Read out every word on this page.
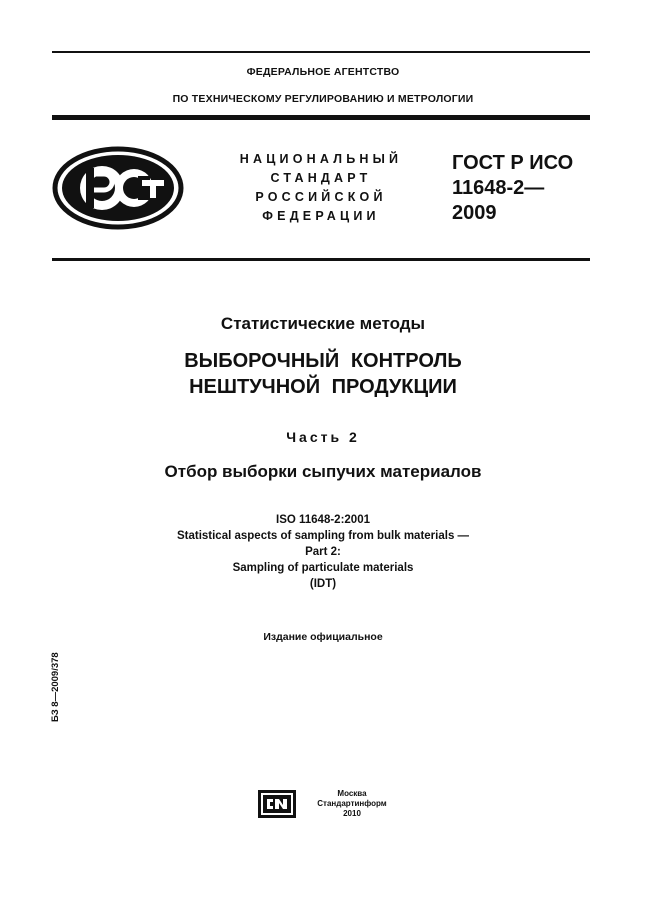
ФЕДЕРАЛЬНОЕ АГЕНТСТВО
ПО ТЕХНИЧЕСКОМУ РЕГУЛИРОВАНИЮ И МЕТРОЛОГИИ
НАЦИОНАЛЬНЫЙ
СТАНДАРТ
РОССИЙСКОЙ
ФЕДЕРАЦИИ
ГОСТ Р ИСО
11648-2—
2009
Статистические методы
ВЫБОРОЧНЫЙ КОНТРОЛЬ
НЕШТУЧНОЙ ПРОДУКЦИИ
Часть 2
Отбор выборки сыпучих материалов
ISO 11648-2:2001
Statistical aspects of sampling from bulk materials —
Part 2:
Sampling of particulate materials
(IDT)
Издание официальное
БЗ 8—2009/378
Москва
Стандартинформ
2010
